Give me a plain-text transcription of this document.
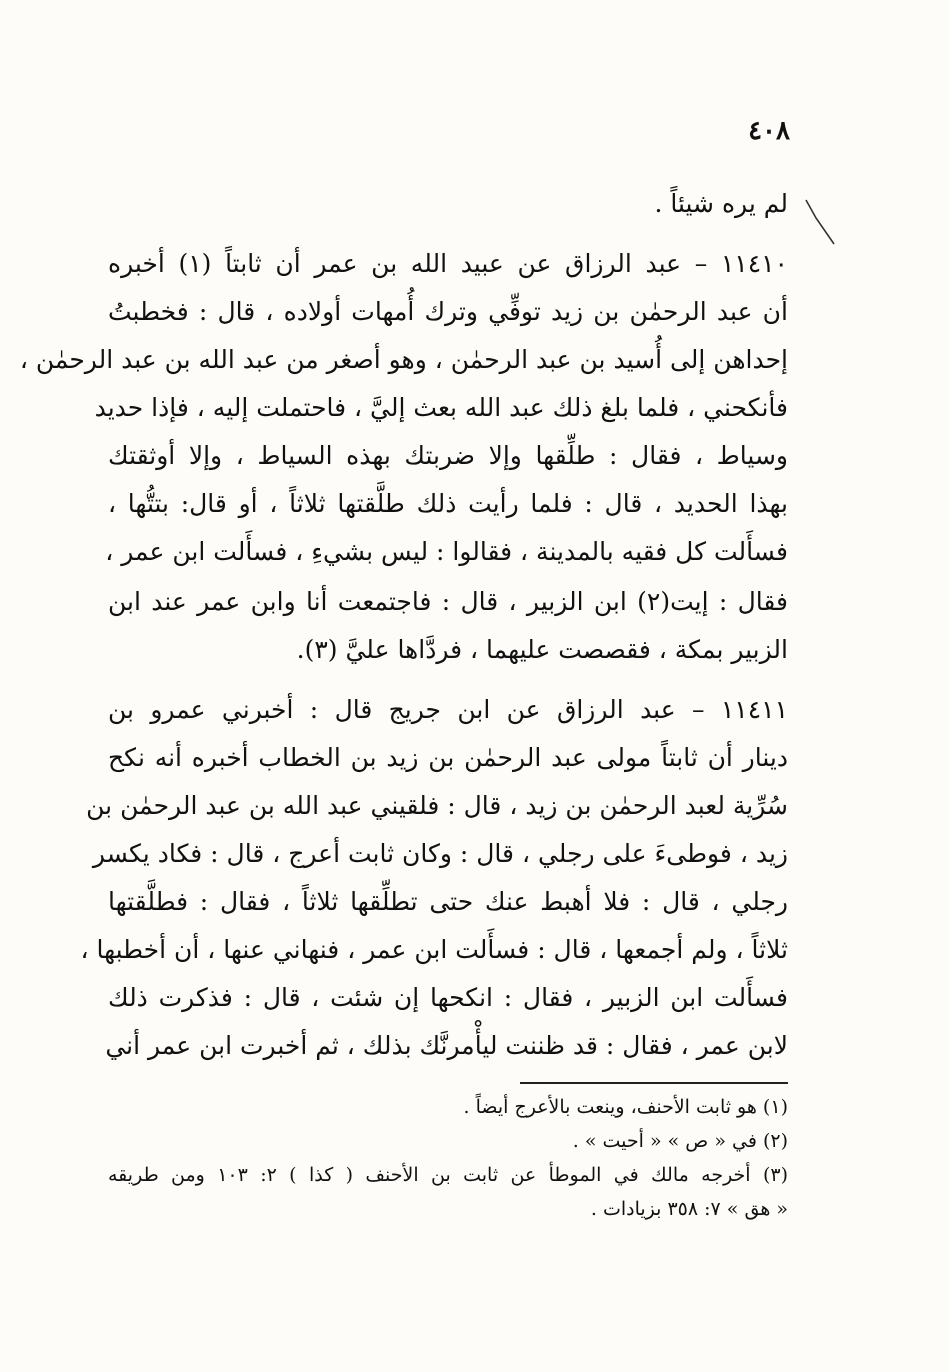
٤٠٨
لم يره شيئاً .
١١٤١٠ – عبد الرزاق عن عبيد الله بن عمر أن ثابتاً (١) أخبره
أن عبد الرحمٰن بن زيد توفِّي وترك أُمهات أولاده ، قال : فخطبتُ
إحداهن إلى أُسيد بن عبد الرحمٰن ، وهو أصغر من عبد الله بن عبد الرحمٰن ،
فأنكحني ، فلما بلغ ذلك عبد الله بعث إليَّ ، فاحتملت إليه ، فإذا حديد
وسياط ، فقال : طلِّقها وإلا ضربتك بهذه السياط ، وإلا أوثقتك
بهذا الحديد ، قال : فلما رأيت ذلك طلَّقتها ثلاثاً ، أو قال: بتتُّها ،
فسأَلت كل فقيه بالمدينة ، فقالوا : ليس بشيءِ ، فسأَلت ابن عمر ،
فقال : إيت(٢) ابن الزبير ، قال : فاجتمعت أنا وابن عمر عند ابن
الزبير بمكة ، فقصصت عليهما ، فردَّاها عليَّ (٣).
١١٤١١ – عبد الرزاق عن ابن جريج قال : أخبرني عمرو بن
دينار أن ثابتاً مولى عبد الرحمٰن بن زيد بن الخطاب أخبره أنه نكح
سُرِّية لعبد الرحمٰن بن زيد ، قال : فلقيني عبد الله بن عبد الرحمٰن بن
زيد ، فوطىءَ على رجلي ، قال : وكان ثابت أعرج ، قال : فكاد يكسر
رجلي ، قال : فلا أهبط عنك حتى تطلِّقها ثلاثاً ، فقال : فطلَّقتها
ثلاثاً ، ولم أجمعها ، قال : فسأَلت ابن عمر ، فنهاني عنها ، أن أخطبها ،
فسأَلت ابن الزبير ، فقال : انكحها إن شئت ، قال : فذكرت ذلك
لابن عمر ، فقال : قد ظننت ليأْمرنَّك بذلك ، ثم أخبرت ابن عمر أني
(١) هو ثابت الأحنف، وينعت بالأعرج أيضاً .
(٢) في « ص » « أحيت » .
(٣) أخرجه مالك في الموطأ عن ثابت بن الأحنف ( كذا ) ٢: ١٠٣ ومن طريقه
« هق » ٧: ٣٥٨ بزيادات .
